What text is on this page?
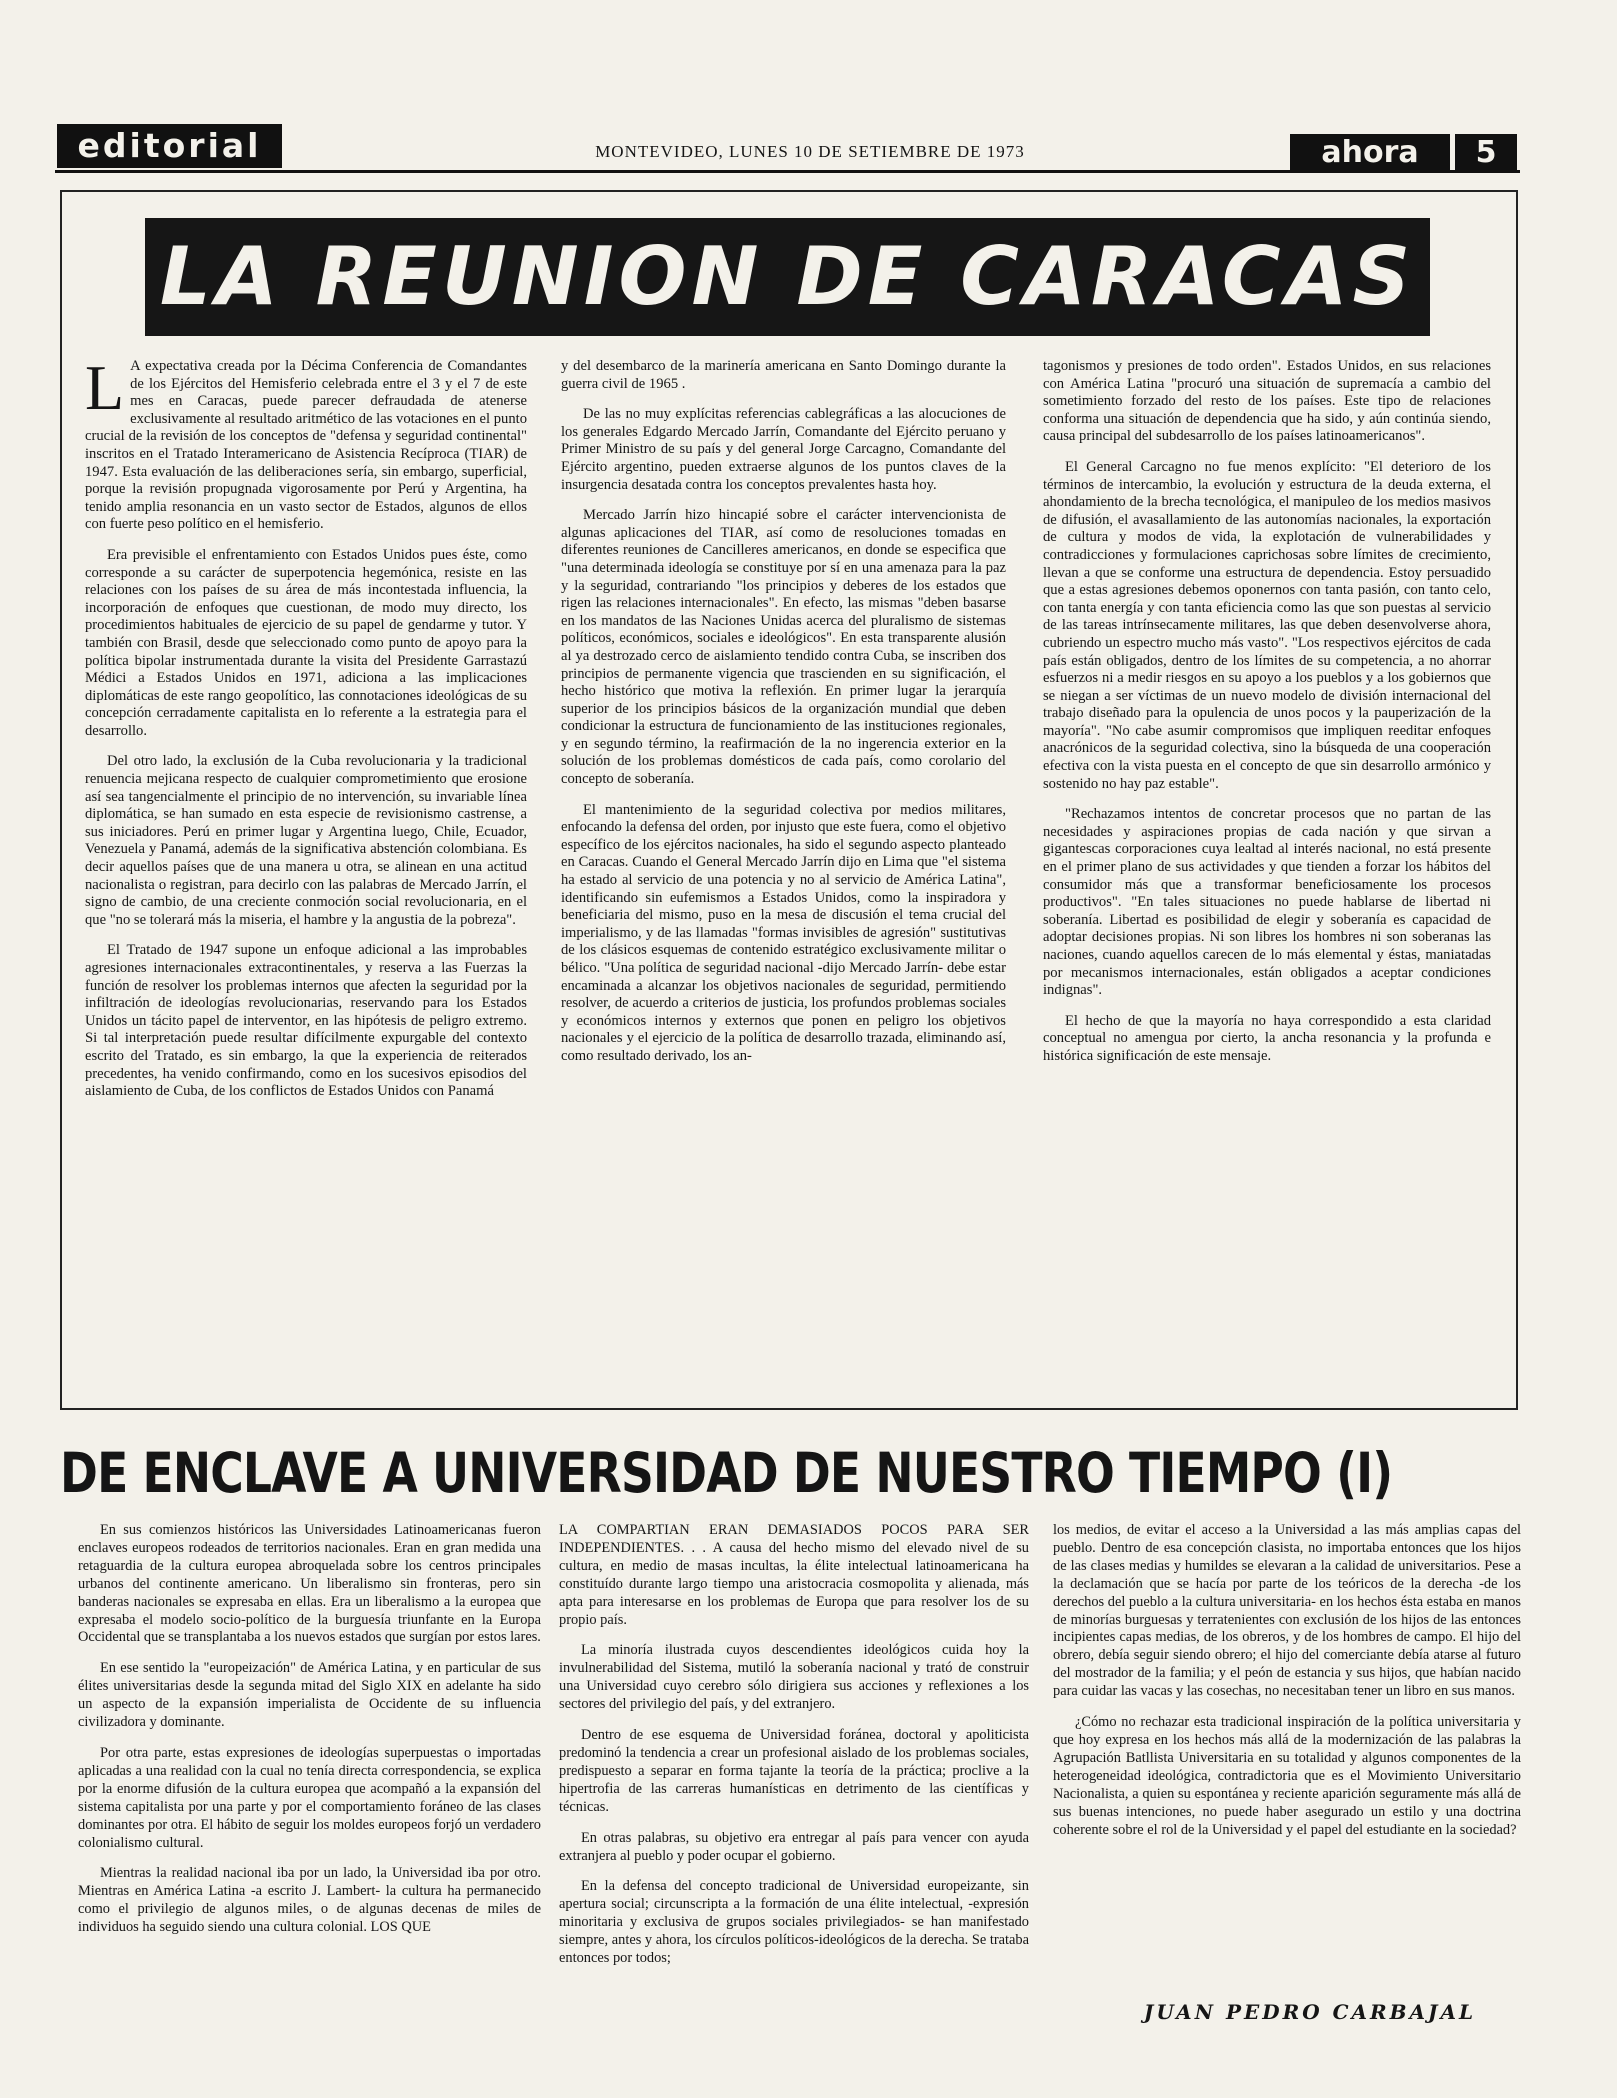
editorial	MONTEVIDEO, LUNES 10 DE SETIEMBRE DE 1973	ahora	5
LA REUNION DE CARACAS
L A expectativa creada por la Décima Conferencia de Comandantes de los Ejércitos del Hemisferio celebrada entre el 3 y el 7 de este mes en Caracas, puede parecer defraudada de atenerse exclusivamente al resultado aritmético de las votaciones en el punto crucial de la revisión de los conceptos de "defensa y seguridad continental" inscritos en el Tratado Interamericano de Asistencia Recíproca (TIAR) de 1947. Esta evaluación de las deliberaciones sería, sin embargo, superficial, porque la revisión propugnada vigorosamente por Perú y Argentina, ha tenido amplia resonancia en un vasto sector de Estados, algunos de ellos con fuerte peso político en el hemisferio.

Era previsible el enfrentamiento con Estados Unidos pues éste, como corresponde a su carácter de superpotencia hegemónica, resiste en las relaciones con los países de su área de más incontestada influencia, la incorporación de enfoques que cuestionan, de modo muy directo, los procedimientos habituales de ejercicio de su papel de gendarme y tutor. Y también con Brasil, desde que seleccionado como punto de apoyo para la política bipolar instrumentada durante la visita del Presidente Garrastazú Médici a Estados Unidos en 1971, adiciona a las implicaciones diplomáticas de este rango geopolítico, las connotaciones ideológicas de su concepción cerradamente capitalista en lo referente a la estrategia para el desarrollo.

Del otro lado, la exclusión de la Cuba revolucionaria y la tradicional renuencia mejicana respecto de cualquier comprometimiento que erosione así sea tangencialmente el principio de no intervención, su invariable línea diplomática, se han sumado en esta especie de revisionismo castrense, a sus iniciadores. Perú en primer lugar y Argentina luego, Chile, Ecuador, Venezuela y Panamá, además de la significativa abstención colombiana. Es decir aquellos países que de una manera u otra, se alinean en una actitud nacionalista o registran, para decirlo con las palabras de Mercado Jarrín, el signo de cambio, de una creciente conmoción social revolucionaria, en el que "no se tolerará más la miseria, el hambre y la angustia de la pobreza".

El Tratado de 1947 supone un enfoque adicional a las improbables agresiones internacionales extracontinentales, y reserva a las Fuerzas la función de resolver los problemas internos que afecten la seguridad por la infiltración de ideologías revolucionarias, reservando para los Estados Unidos un tácito papel de interventor, en las hipótesis de peligro extremo. Si tal interpretación puede resultar difícilmente expurgable del contexto escrito del Tratado, es sin embargo, la que la experiencia de reiterados precedentes, ha venido confirmando, como en los sucesivos episodios del aislamiento de Cuba, de los conflictos de Estados Unidos con Panamá

y del desembarco de la marinería americana en Santo Domingo durante la guerra civil de 1965 .

De las no muy explícitas referencias cablegráficas a las alocuciones de los generales Edgardo Mercado Jarrín, Comandante del Ejército peruano y Primer Ministro de su país y del general Jorge Carcagno, Comandante del Ejército argentino, pueden extraerse algunos de los puntos claves de la insurgencia desatada contra los conceptos prevalentes hasta hoy.

Mercado Jarrín hizo hincapié sobre el carácter intervencionista de algunas aplicaciones del TIAR, así como de resoluciones tomadas en diferentes reuniones de Cancilleres americanos, en donde se especifica que "una determinada ideología se constituye por sí en una amenaza para la paz y la seguridad, contrariando "los principios y deberes de los estados que rigen las relaciones internacionales". En efecto, las mismas "deben basarse en los mandatos de las Naciones Unidas acerca del pluralismo de sistemas políticos, económicos, sociales e ideológicos". En esta transparente alusión al ya destrozado cerco de aislamiento tendido contra Cuba, se inscriben dos principios de permanente vigencia que trascienden en su significación, el hecho histórico que motiva la reflexión. En primer lugar la jerarquía superior de los principios básicos de la organización mundial que deben condicionar la estructura de funcionamiento de las instituciones regionales, y en segundo término, la reafirmación de la no ingerencia exterior en la solución de los problemas domésticos de cada país, como corolario del concepto de soberanía.

El mantenimiento de la seguridad colectiva por medios militares, enfocando la defensa del orden, por injusto que este fuera, como el objetivo específico de los ejércitos nacionales, ha sido el segundo aspecto planteado en Caracas. Cuando el General Mercado Jarrín dijo en Lima que "el sistema ha estado al servicio de una potencia y no al servicio de América Latina", identificando sin eufemismos a Estados Unidos, como la inspiradora y beneficiaria del mismo, puso en la mesa de discusión el tema crucial del imperialismo, y de las llamadas "formas invisibles de agresión" sustitutivas de los clásicos esquemas de contenido estratégico exclusivamente militar o bélico. "Una política de seguridad nacional -dijo Mercado Jarrín- debe estar encaminada a alcanzar los objetivos nacionales de seguridad, permitiendo resolver, de acuerdo a criterios de justicia, los profundos problemas sociales y económicos internos y externos que ponen en peligro los objetivos nacionales y el ejercicio de la política de desarrollo trazada, eliminando así, como resultado derivado, los an-

tagonismos y presiones de todo orden". Estados Unidos, en sus relaciones con América Latina "procuró una situación de supremacía a cambio del sometimiento forzado del resto de los países. Este tipo de relaciones conforma una situación de dependencia que ha sido, y aún continúa siendo, causa principal del subdesarrollo de los países latinoamericanos".

El General Carcagno no fue menos explícito: "El deterioro de los términos de intercambio, la evolución y estructura de la deuda externa, el ahondamiento de la brecha tecnológica, el manipuleo de los medios masivos de difusión, el avasallamiento de las autonomías nacionales, la exportación de cultura y modos de vida, la explotación de vulnerabilidades y contradicciones y formulaciones caprichosas sobre límites de crecimiento, llevan a que se conforme una estructura de dependencia. Estoy persuadido que a estas agresiones debemos oponernos con tanta pasión, con tanto celo, con tanta energía y con tanta eficiencia como las que son puestas al servicio de las tareas intrínsecamente militares, las que deben desenvolverse ahora, cubriendo un espectro mucho más vasto". "Los respectivos ejércitos de cada país están obligados, dentro de los límites de su competencia, a no ahorrar esfuerzos ni a medir riesgos en su apoyo a los pueblos y a los gobiernos que se niegan a ser víctimas de un nuevo modelo de división internacional del trabajo diseñado para la opulencia de unos pocos y la pauperización de la mayoría". "No cabe asumir compromisos que impliquen reeditar enfoques anacrónicos de la seguridad colectiva, sino la búsqueda de una cooperación efectiva con la vista puesta en el concepto de que sin desarrollo armónico y sostenido no hay paz estable".

"Rechazamos intentos de concretar procesos que no partan de las necesidades y aspiraciones propias de cada nación y que sirvan a gigantescas corporaciones cuya lealtad al interés nacional, no está presente en el primer plano de sus actividades y que tienden a forzar los hábitos del consumidor más que a transformar beneficiosamente los procesos productivos". "En tales situaciones no puede hablarse de libertad ni soberanía. Libertad es posibilidad de elegir y soberanía es capacidad de adoptar decisiones propias. Ni son libres los hombres ni son soberanas las naciones, cuando aquellos carecen de lo más elemental y éstas, maniatadas por mecanismos internacionales, están obligados a aceptar condiciones indignas".

El hecho de que la mayoría no haya correspondido a esta claridad conceptual no amengua por cierto, la ancha resonancia y la profunda e histórica significación de este mensaje.

DE ENCLAVE A UNIVERSIDAD DE NUESTRO TIEMPO (I)

En sus comienzos históricos las Universidades Latinoamericanas fueron enclaves europeos rodeados de territorios nacionales. Eran en gran medida una retaguardia de la cultura europea abroquelada sobre los centros principales urbanos del continente americano. Un liberalismo sin fronteras, pero sin banderas nacionales se expresaba en ellas. Era un liberalismo a la europea que expresaba el modelo socio-político de la burguesía triunfante en la Europa Occidental que se transplantaba a los nuevos estados que surgían por estos lares.

En ese sentido la "europeización" de América Latina, y en particular de sus élites universitarias desde la segunda mitad del Siglo XIX en adelante ha sido un aspecto de la expansión imperialista de Occidente de su influencia civilizadora y dominante.

Por otra parte, estas expresiones de ideologías superpuestas o importadas aplicadas a una realidad con la cual no tenía directa correspondencia, se explica por la enorme difusión de la cultura europea que acompañó a la expansión del sistema capitalista por una parte y por el comportamiento foráneo de las clases dominantes por otra. El hábito de seguir los moldes europeos forjó un verdadero colonialismo cultural.

Mientras la realidad nacional iba por un lado, la Universidad iba por otro. Mientras en América Latina -a escrito J. Lambert- la cultura ha permanecido como el privilegio de algunos miles, o de algunas decenas de miles de individuos ha seguido siendo una cultura colonial. LOS QUE

LA COMPARTIAN ERAN DEMASIADOS POCOS PARA SER INDEPENDIENTES. . . A causa del hecho mismo del elevado nivel de su cultura, en medio de masas incultas, la élite intelectual latinoamericana ha constituído durante largo tiempo una aristocracia cosmopolita y alienada, más apta para interesarse en los problemas de Europa que para resolver los de su propio país.

La minoría ilustrada cuyos descendientes ideológicos cuida hoy la invulnerabilidad del Sistema, mutiló la soberanía nacional y trató de construir una Universidad cuyo cerebro sólo dirigiera sus acciones y reflexiones a los sectores del privilegio del país, y del extranjero.

Dentro de ese esquema de Universidad foránea, doctoral y apoliticista predominó la tendencia a crear un profesional aislado de los problemas sociales, predispuesto a separar en forma tajante la teoría de la práctica; proclive a la hipertrofia de las carreras humanísticas en detrimento de las científicas y técnicas.

En otras palabras, su objetivo era entregar al país para vencer con ayuda extranjera al pueblo y poder ocupar el gobierno.

En la defensa del concepto tradicional de Universidad europeizante, sin apertura social; circunscripta a la formación de una élite intelectual, -expresión minoritaria y exclusiva de grupos sociales privilegiados- se han manifestado siempre, antes y ahora, los círculos políticos-ideológicos de la derecha. Se trataba entonces por todos;

los medios, de evitar el acceso a la Universidad a las más amplias capas del pueblo. Dentro de esa concepción clasista, no importaba entonces que los hijos de las clases medias y humildes se elevaran a la calidad de universitarios. Pese a la declamación que se hacía por parte de los teóricos de la derecha -de los derechos del pueblo a la cultura universitaria- en los hechos ésta estaba en manos de minorías burguesas y terratenientes con exclusión de los hijos de las entonces incipientes capas medias, de los obreros, y de los hombres de campo. El hijo del obrero, debía seguir siendo obrero; el hijo del comerciante debía atarse al futuro del mostrador de la familia; y el peón de estancia y sus hijos, que habían nacido para cuidar las vacas y las cosechas, no necesitaban tener un libro en sus manos.

¿Cómo no rechazar esta tradicional inspiración de la política universitaria y que hoy expresa en los hechos más allá de la modernización de las palabras la Agrupación Batllista Universitaria en su totalidad y algunos componentes de la heterogeneidad ideológica, contradictoria que es el Movimiento Universitario Nacionalista, a quien su espontánea y reciente aparición seguramente más allá de sus buenas intenciones, no puede haber asegurado un estilo y una doctrina coherente sobre el rol de la Universidad y el papel del estudiante en la sociedad?

JUAN PEDRO CARBAJAL
